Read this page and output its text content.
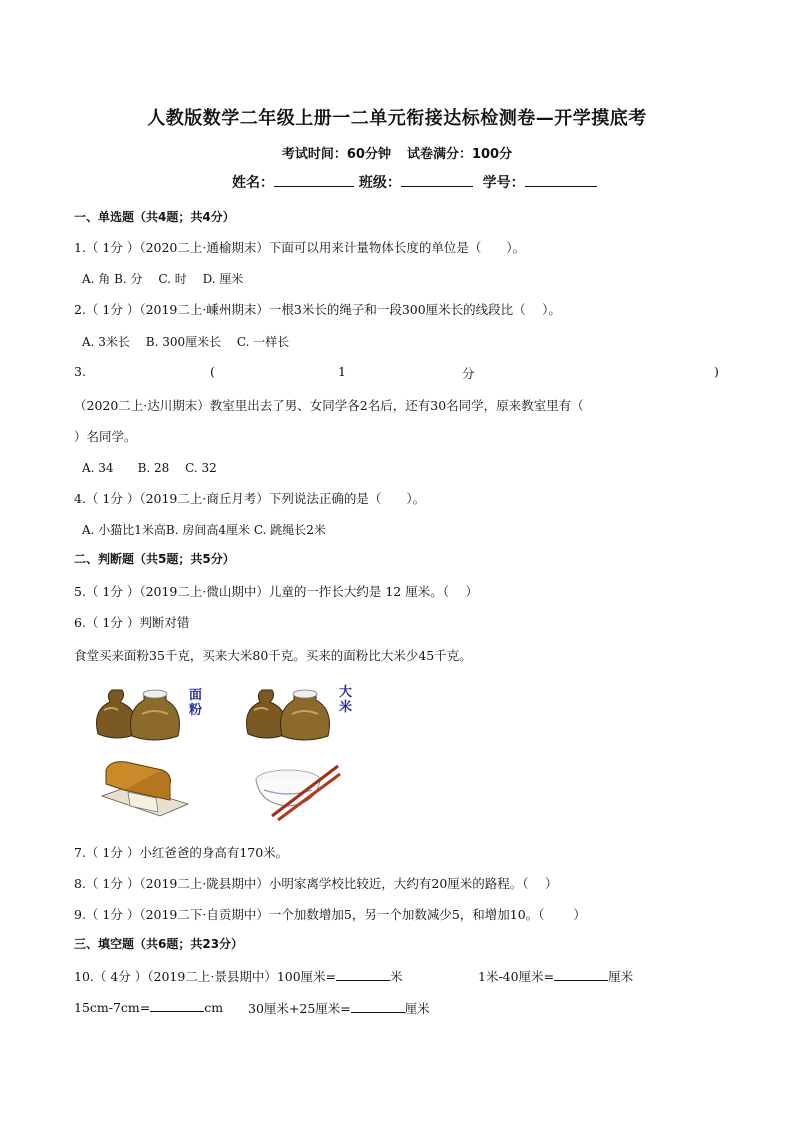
人教版数学二年级上册一二单元衔接达标检测卷—开学摸底考
考试时间：60分钟 试卷满分：100分
姓名：	班级：	学号：
一、单选题（共4题；共4分）
1.（ 1分 ）（2020二上·通榆期末）下面可以用来计量物体长度的单位是（　　）。
A. 角 B. 分　 C. 时　 D. 厘米
2.（ 1分 ）（2019二上·嵊州期末）一根3米长的绳子和一段300厘米长的线段比（　 ）。
A. 3米长　 B. 300厘米长　 C. 一样长
3.	(	1	分	)
（2020二上·达川期末）教室里出去了男、女同学各2名后，还有30名同学，原来教室里有（
）名同学。
A. 34　　B. 28　 C. 32
4.（ 1分 ）（2019二上·商丘月考）下列说法正确的是（　　）。
A. 小猫比1米高B. 房间高4厘米 C. 跳绳长2米
二、判断题（共5题；共5分）
5.（ 1分 ）（2019二上·微山期中）儿童的一拃长大约是 12 厘米。（　 ）
6.（ 1分 ）判断对错
食堂买来面粉35千克，买来大米80千克。买来的面粉比大米少45千克。
面粉
大米
7.（ 1分 ）小红爸爸的身高有170米。
8.（ 1分 ）（2019二上·陇县期中）小明家离学校比较近，大约有20厘米的路程。（　 ）
9.（ 1分 ）（2019二下·自贡期中）一个加数增加5，另一个加数减少5，和增加10。（　　 ）
三、填空题（共6题；共23分）
10.（ 4分 ）（2019二上·景县期中）100厘米=	米	1米-40厘米=	厘米
15cm-7cm=	cm 30厘米+25厘米=	厘米
